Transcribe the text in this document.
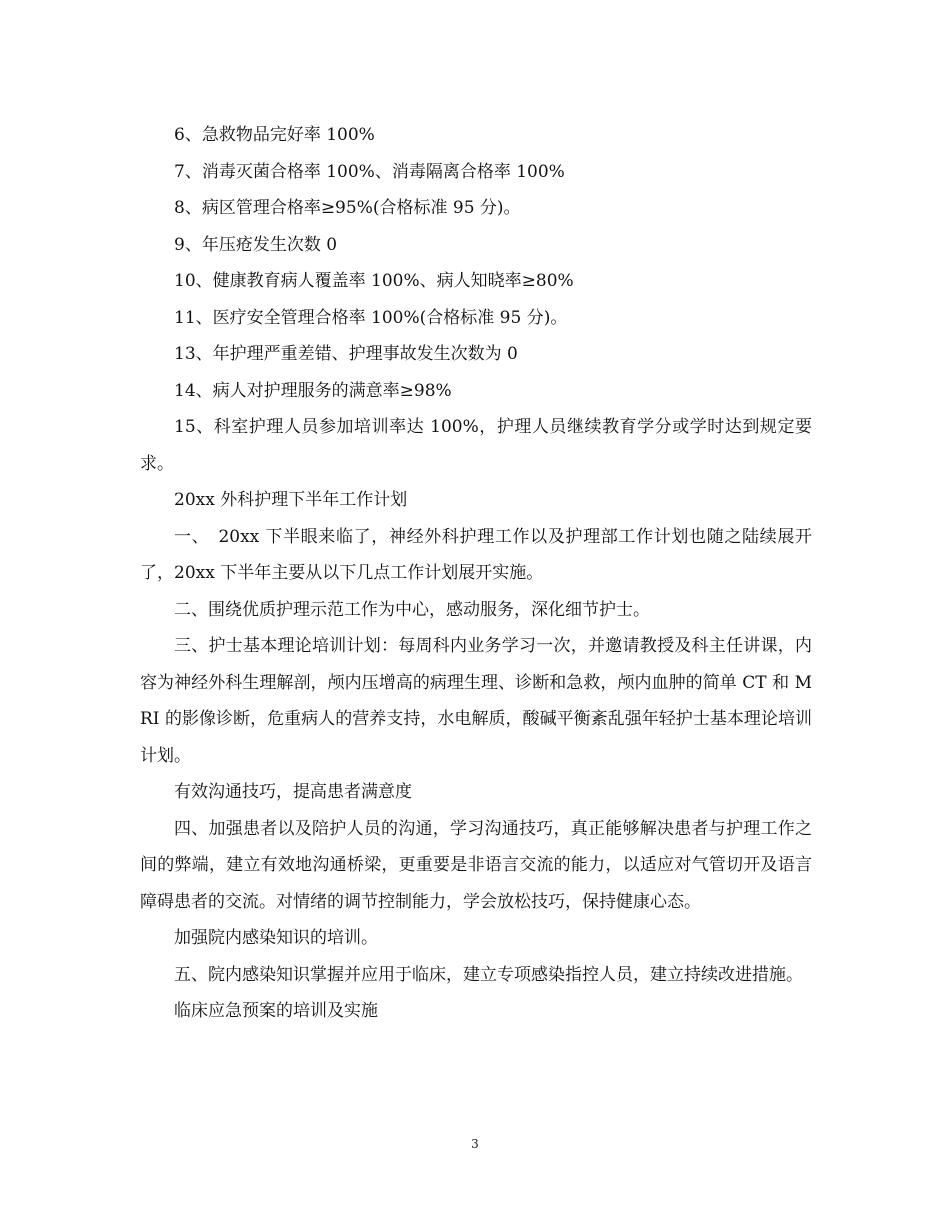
6、急救物品完好率 100%

7、消毒灭菌合格率 100%、消毒隔离合格率 100%

8、病区管理合格率≥95%(合格标准 95 分)。

9、年压疮发生次数 0

10、健康教育病人覆盖率 100%、病人知晓率≥80%

11、医疗安全管理合格率 100%(合格标准 95 分)。

13、年护理严重差错、护理事故发生次数为 0

14、病人对护理服务的满意率≥98%

15、科室护理人员参加培训率达 100%，护理人员继续教育学分或学时达到规定要求。

20xx 外科护理下半年工作计划

一、　20xx 下半眼来临了，神经外科护理工作以及护理部工作计划也随之陆续展开了，20xx 下半年主要从以下几点工作计划展开实施。

二、围绕优质护理示范工作为中心，感动服务，深化细节护士。

三、护士基本理论培训计划：每周科内业务学习一次，并邀请教授及科主任讲课，内容为神经外科生理解剖，颅内压增高的病理生理、诊断和急救，颅内血肿的简单 CT 和 MRI 的影像诊断，危重病人的营养支持，水电解质，酸碱平衡紊乱强年轻护士基本理论培训计划。

有效沟通技巧，提高患者满意度

四、加强患者以及陪护人员的沟通，学习沟通技巧，真正能够解决患者与护理工作之间的弊端，建立有效地沟通桥梁，更重要是非语言交流的能力，以适应对气管切开及语言障碍患者的交流。对情绪的调节控制能力，学会放松技巧，保持健康心态。

加强院内感染知识的培训。

五、院内感染知识掌握并应用于临床，建立专项感染指控人员，建立持续改进措施。

临床应急预案的培训及实施

3
